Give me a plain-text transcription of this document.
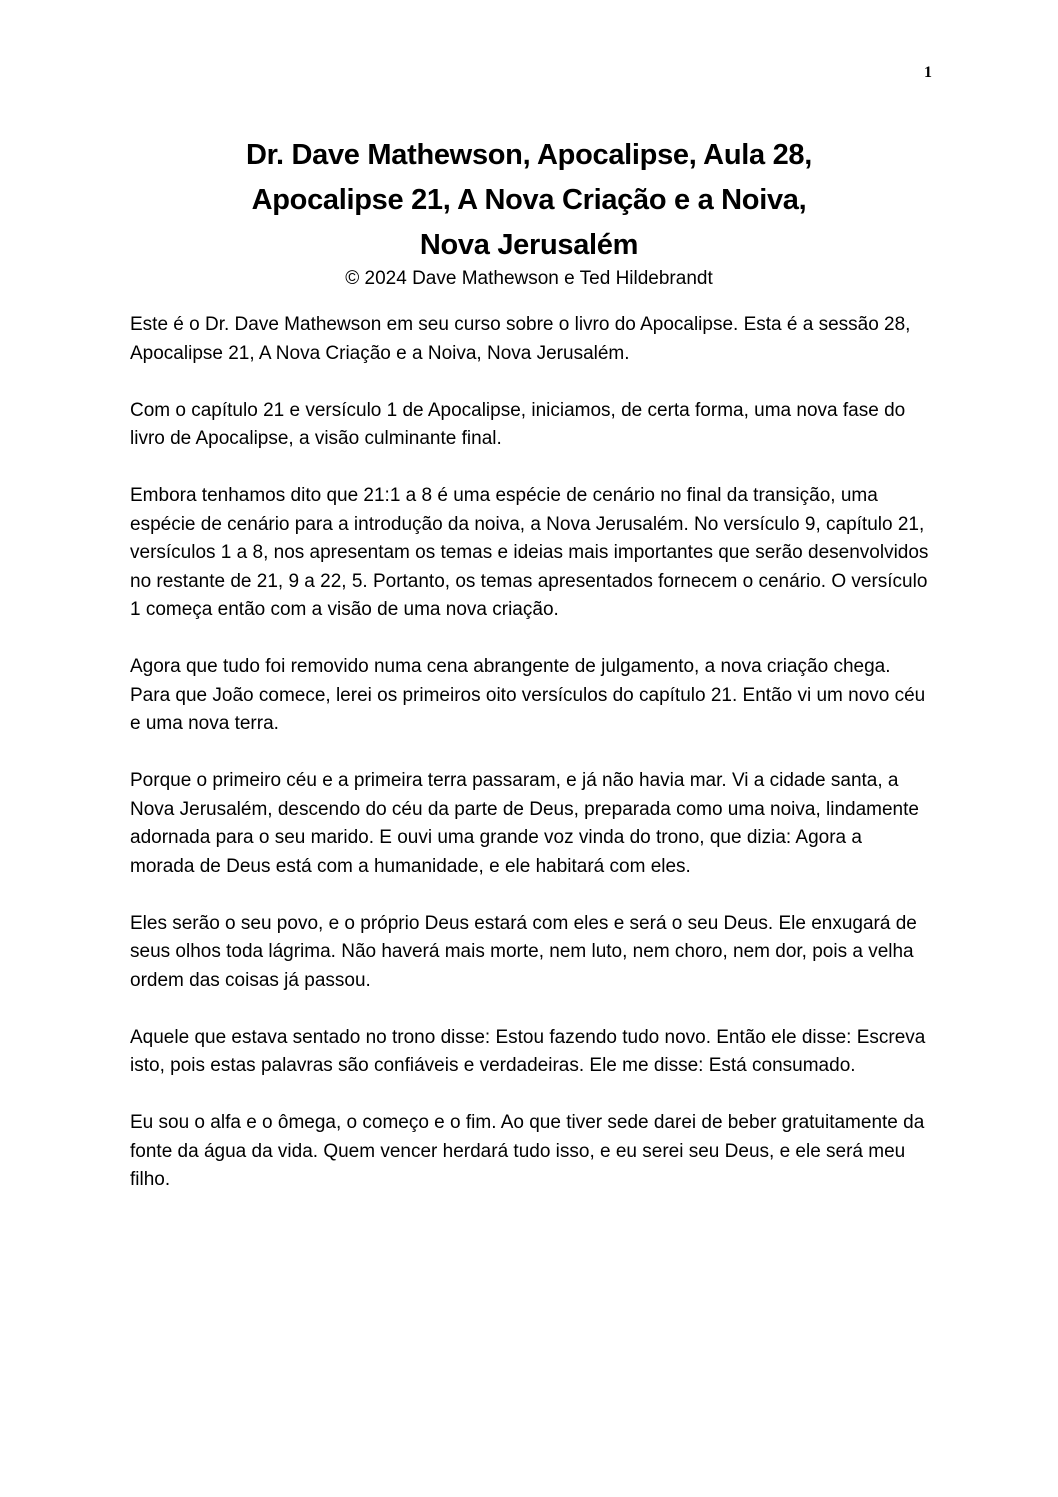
1
Dr. Dave Mathewson, Apocalipse, Aula 28,
Apocalipse 21, A Nova Criação e a Noiva,
Nova Jerusalém
© 2024 Dave Mathewson e Ted Hildebrandt

Este é o Dr. Dave Mathewson em seu curso sobre o livro do Apocalipse. Esta é a sessão 28, Apocalipse 21, A Nova Criação e a Noiva, Nova Jerusalém.

Com o capítulo 21 e versículo 1 de Apocalipse, iniciamos, de certa forma, uma nova fase do livro de Apocalipse, a visão culminante final.

Embora tenhamos dito que 21:1 a 8 é uma espécie de cenário no final da transição, uma espécie de cenário para a introdução da noiva, a Nova Jerusalém. No versículo 9, capítulo 21, versículos 1 a 8, nos apresentam os temas e ideias mais importantes que serão desenvolvidos no restante de 21, 9 a 22, 5. Portanto, os temas apresentados fornecem o cenário. O versículo 1 começa então com a visão de uma nova criação.

Agora que tudo foi removido numa cena abrangente de julgamento, a nova criação chega. Para que João comece, lerei os primeiros oito versículos do capítulo 21. Então vi um novo céu e uma nova terra.

Porque o primeiro céu e a primeira terra passaram, e já não havia mar. Vi a cidade santa, a Nova Jerusalém, descendo do céu da parte de Deus, preparada como uma noiva, lindamente adornada para o seu marido. E ouvi uma grande voz vinda do trono, que dizia: Agora a morada de Deus está com a humanidade, e ele habitará com eles.

Eles serão o seu povo, e o próprio Deus estará com eles e será o seu Deus. Ele enxugará de seus olhos toda lágrima. Não haverá mais morte, nem luto, nem choro, nem dor, pois a velha ordem das coisas já passou.

Aquele que estava sentado no trono disse: Estou fazendo tudo novo. Então ele disse: Escreva isto, pois estas palavras são confiáveis e verdadeiras. Ele me disse: Está consumado.

Eu sou o alfa e o ômega, o começo e o fim. Ao que tiver sede darei de beber gratuitamente da fonte da água da vida. Quem vencer herdará tudo isso, e eu serei seu Deus, e ele será meu filho.
